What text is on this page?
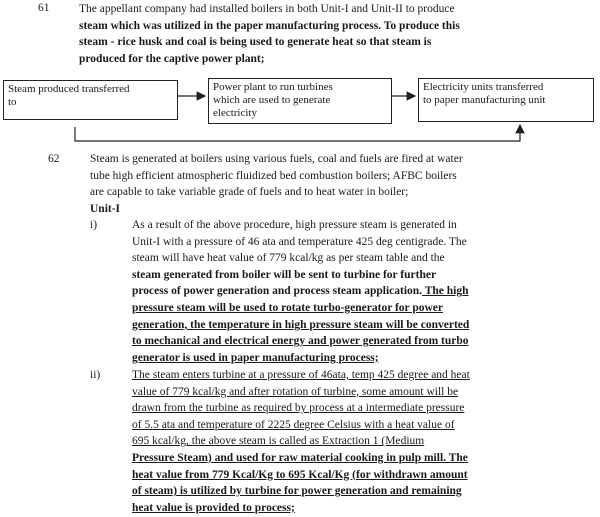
61	The appellant company had installed boilers in both Unit-I and Unit-II to produce
steam which was utilized in the paper manufacturing process. To produce this
steam - rice husk and coal is being used to generate heat so that steam is
produced for the captive power plant;
Steam produced transferred
to
Power plant to run turbines
which are used to generate
electricity
Electricity units transferred
to paper manufacturing unit
62	Steam is generated at boilers using various fuels, coal and fuels are fired at water
tube high efficient atmospheric fluidized bed combustion boilers; AFBC boilers
are capable to take variable grade of fuels and to heat water in boiler;
Unit-I
i)	As a result of the above procedure, high pressure steam is generated in
Unit-I with a pressure of 46 ata and temperature 425 deg centigrade. The
steam will have heat value of 779 kcal/kg as per steam table and the
steam generated from boiler will be sent to turbine for further
process of power generation and process steam application. The high
pressure steam will be used to rotate turbo-generator for power
generation, the temperature in high pressure steam will be converted
to mechanical and electrical energy and power generated from turbo
generator is used in paper manufacturing process;
ii)	The steam enters turbine at a pressure of 46ata, temp 425 degree and heat
value of 779 kcal/kg and after rotation of turbine, some amount will be
drawn from the turbine as required by process at a intermediate pressure
of 5.5 ata and temperature of 2225 degree Celsius with a heat value of
695 kcal/kg, the above steam is called as Extraction 1 (Medium
Pressure Steam) and used for raw material cooking in pulp mill. The
heat value from 779 Kcal/Kg to 695 Kcal/Kg (for withdrawn amount
of steam) is utilized by turbine for power generation and remaining
heat value is provided to process;
